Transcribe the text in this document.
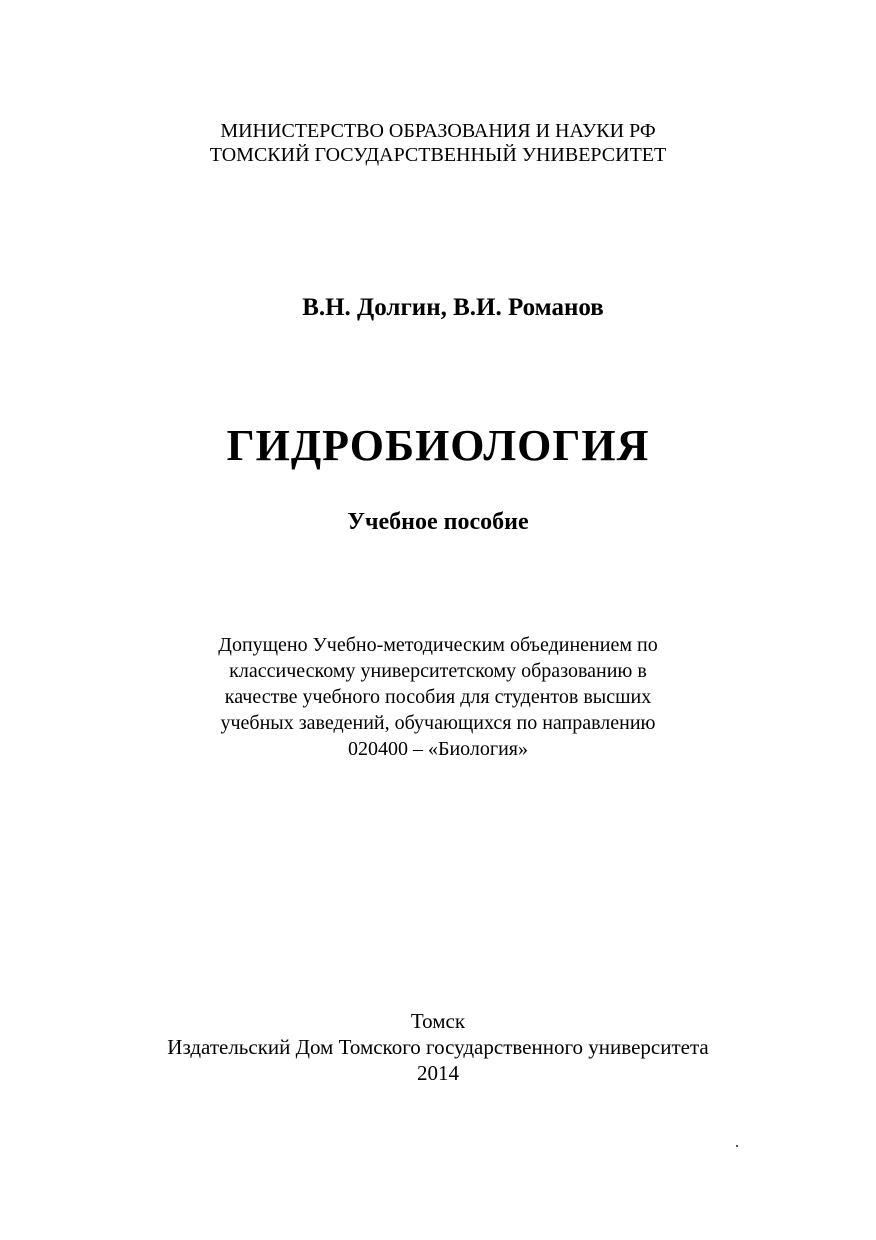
МИНИСТЕРСТВО ОБРАЗОВАНИЯ И НАУКИ РФ
ТОМСКИЙ ГОСУДАРСТВЕННЫЙ УНИВЕРСИТЕТ
В.Н. Долгин, В.И. Романов
ГИДРОБИОЛОГИЯ
Учебное пособие
Допущено Учебно-методическим объединением по
классическому университетскому образованию в
качестве учебного пособия для студентов высших
учебных заведений, обучающихся по направлению
020400 – «Биология»
Томск
Издательский Дом Томского государственного университета
2014
